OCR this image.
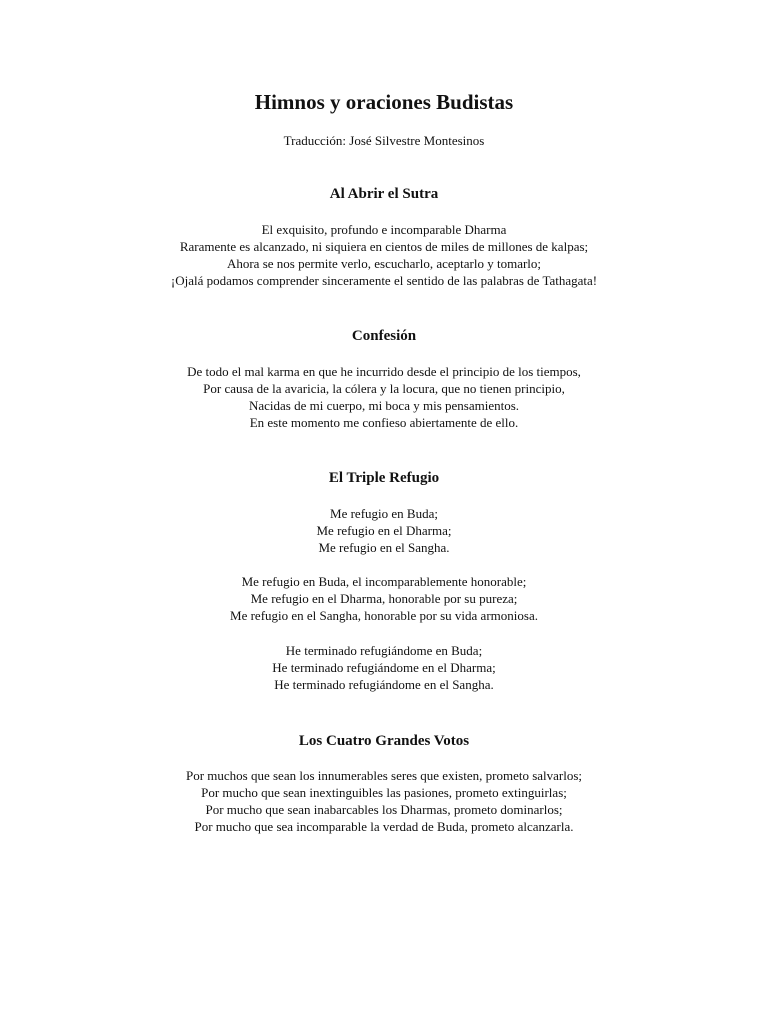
Himnos y oraciones Budistas

Traducción: José Silvestre Montesinos

Al Abrir el Sutra
El exquisito, profundo e incomparable Dharma
Raramente es alcanzado, ni siquiera en cientos de miles de millones de kalpas;
Ahora se nos permite verlo, escucharlo, aceptarlo y tomarlo;
¡Ojalá podamos comprender sinceramente el sentido de las palabras de Tathagata!
Confesión
De todo el mal karma en que he incurrido desde el principio de los tiempos,
Por causa de la avaricia, la cólera y la locura, que no tienen principio,
Nacidas de mi cuerpo, mi boca y mis pensamientos.
En este momento me confieso abiertamente de ello.
El Triple Refugio
Me refugio en Buda;
Me refugio en el Dharma;
Me refugio en el Sangha.
Me refugio en Buda, el incomparablemente honorable;
Me refugio en el Dharma, honorable por su pureza;
Me refugio en el Sangha, honorable por su vida armoniosa.
He terminado refugiándome en Buda;
He terminado refugiándome en el Dharma;
He terminado refugiándome en el Sangha.
Los Cuatro Grandes Votos
Por muchos que sean los innumerables seres que existen, prometo salvarlos;
Por mucho que sean inextinguibles las pasiones, prometo extinguirlas;
Por mucho que sean inabarcables los Dharmas, prometo dominarlos;
Por mucho que sea incomparable la verdad de Buda, prometo alcanzarla.
